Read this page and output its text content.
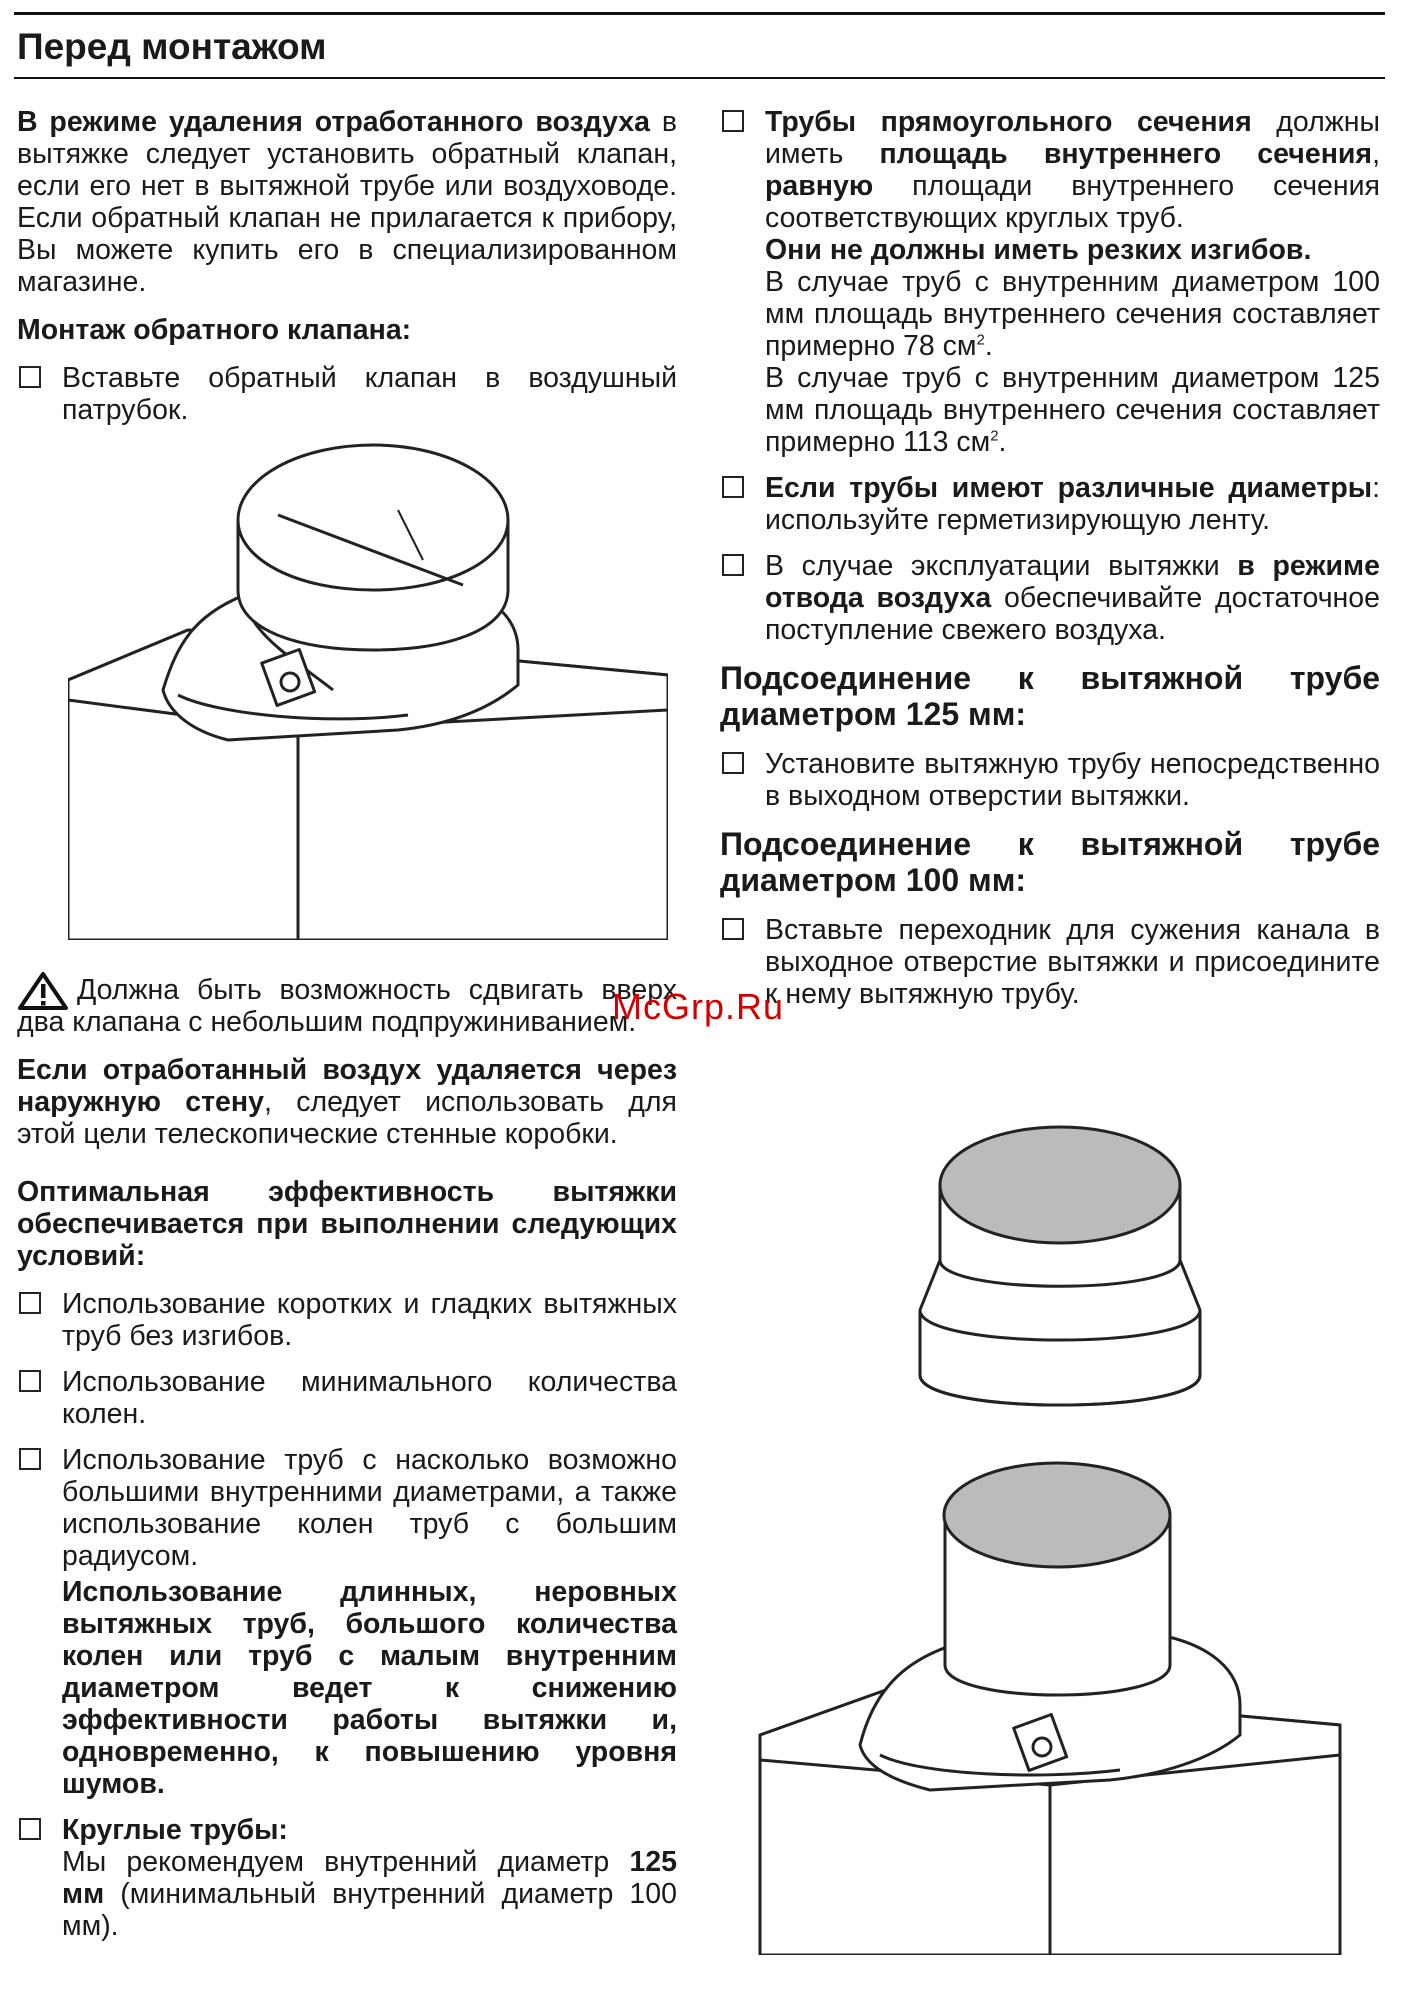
Перед монтажом

В режиме удаления отработанного воздуха в вытяжке следует установить обратный клапан, если его нет в вытяжной трубе или воздуховоде. Если обратный клапан не прилагается к прибору, Вы можете купить его в специализированном магазине.

Монтаж обратного клапана:

Вставьте обратный клапан в воздушный патрубок.

Должна быть возможность сдвигать вверх два клапана с небольшим подпружиниванием.

Если отработанный воздух удаляется через наружную стену, следует использовать для этой цели телескопические стенные коробки.

Оптимальная эффективность вытяжки обеспечивается при выполнении следующих условий:

Использование коротких и гладких вытяжных труб без изгибов.
Использование минимального количества колен.
Использование труб с насколько возможно большими внутренними диаметрами, а также использование колен труб с большим радиусом.
Использование длинных, неровных вытяжных труб, большого количества колен или труб с малым внутренним диаметром ведет к снижению эффективности работы вытяжки и, одновременно, к повышению уровня шумов.
Круглые трубы:
Мы рекомендуем внутренний диаметр 125 мм (минимальный внутренний диаметр 100 мм).
Трубы прямоугольного сечения должны иметь площадь внутреннего сечения, равную площади внутреннего сечения соответствующих круглых труб.
Они не должны иметь резких изгибов.
В случае труб с внутренним диаметром 100 мм площадь внутреннего сечения составляет примерно 78 $см^2$.
В случае труб с внутренним диаметром 125 мм площадь внутреннего сечения составляет примерно 113 $см^2$.
Если трубы имеют различные диаметры: используйте герметизирующую ленту.
В случае эксплуатации вытяжки в режиме отвода воздуха обеспечивайте достаточное поступление свежего воздуха.

Подсоединение к вытяжной трубе диаметром 125 мм:

Установите вытяжную трубу непосредственно в выходном отверстии вытяжки.

Подсоединение к вытяжной трубе диаметром 100 мм:

Вставьте переходник для сужения канала в выходное отверстие вытяжки и присоедините к нему вытяжную трубу.
McGrp.Ru
